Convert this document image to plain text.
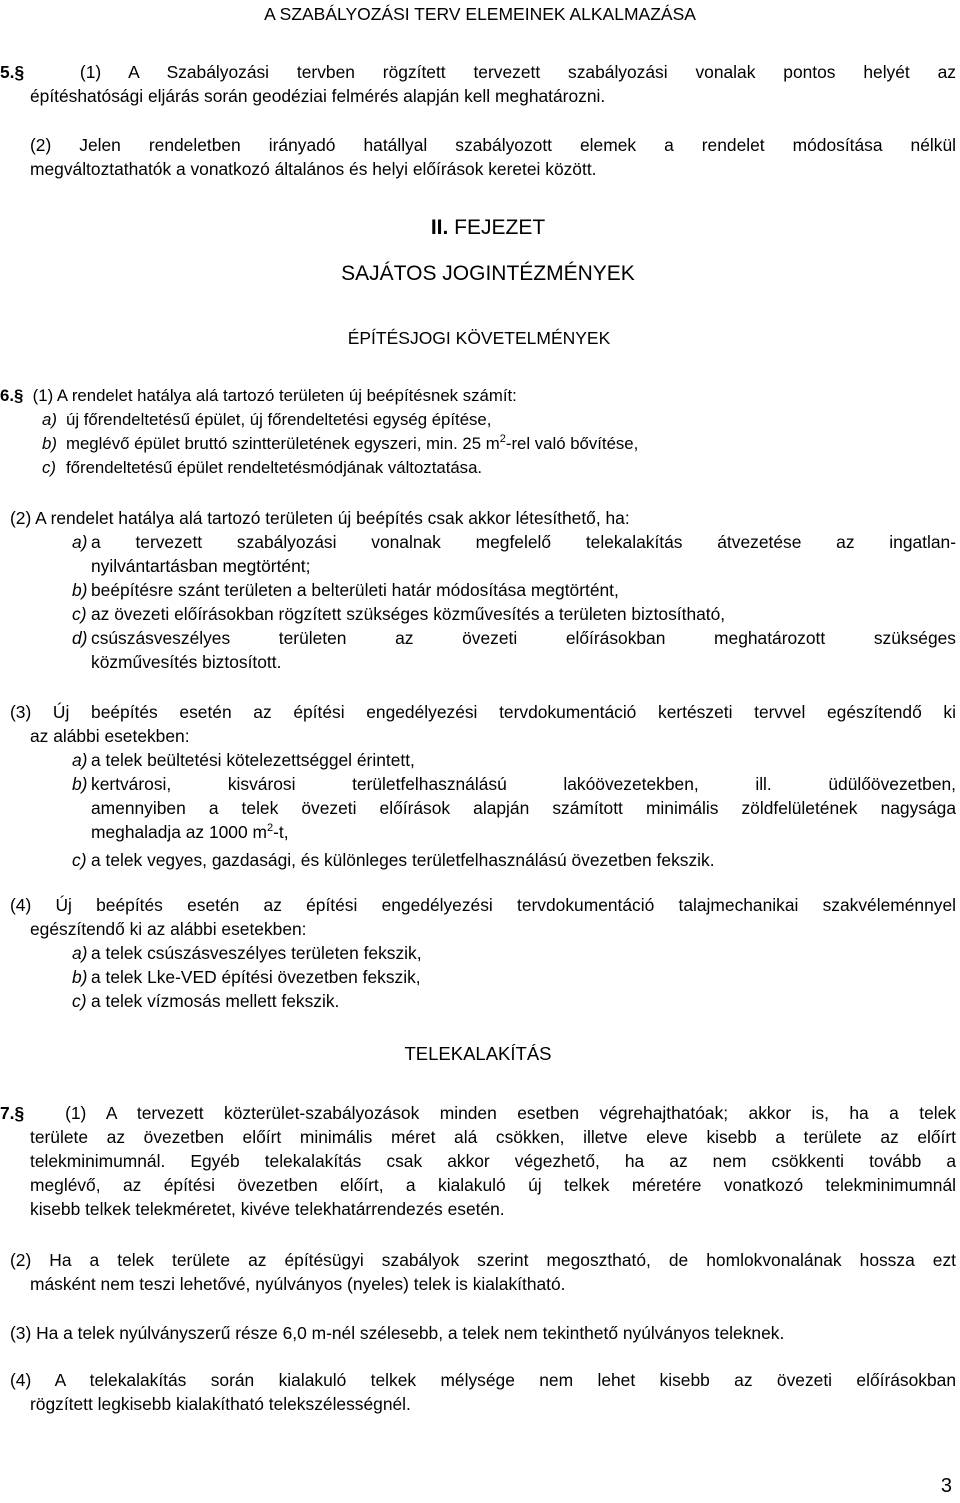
A SZABÁLYOZÁSI TERV ELEMEINEK ALKALMAZÁSA
5.§	(1) A Szabályozási tervben rögzített tervezett szabályozási vonalak pontos helyét az
építéshatósági eljárás során geodéziai felmérés alapján kell meghatározni.
(2) Jelen rendeletben irányadó hatállyal szabályozott elemek a rendelet módosítása nélkül
megváltoztathatók a vonatkozó általános és helyi előírások keretei között.
II. FEJEZET
SAJÁTOS JOGINTÉZMÉNYEK
ÉPÍTÉSJOGI KÖVETELMÉNYEK
6.§ (1) A rendelet hatálya alá tartozó területen új beépítésnek számít:
a) új főrendeltetésű épület, új főrendeltetési egység építése,
b) meglévő épület bruttó szintterületének egyszeri, min. 25 $m^2$-rel való bővítése,
c) főrendeltetésű épület rendeltetésmódjának változtatása.
(2) A rendelet hatálya alá tartozó területen új beépítés csak akkor létesíthető, ha:
a) a tervezett szabályozási vonalnak megfelelő telekalakítás átvezetése az ingatlan-
nyilvántartásban megtörtént;
b) beépítésre szánt területen a belterületi határ módosítása megtörtént,
c) az övezeti előírásokban rögzített szükséges közművesítés a területen biztosítható,
d) csúszásveszélyes területen az övezeti előírásokban meghatározott szükséges
közművesítés biztosított.
(3) Új beépítés esetén az építési engedélyezési tervdokumentáció kertészeti tervvel egészítendő ki
az alábbi esetekben:
a) a telek beültetési kötelezettséggel érintett,
b) kertvárosi, kisvárosi területfelhasználású lakóövezetekben, ill. üdülőövezetben,
amennyiben a telek övezeti előírások alapján számított minimális zöldfelületének nagysága
meghaladja az 1000 $m^2-t$,
c) a telek vegyes, gazdasági, és különleges területfelhasználású övezetben fekszik.
(4) Új beépítés esetén az építési engedélyezési tervdokumentáció talajmechanikai szakvéleménnyel
egészítendő ki az alábbi esetekben:
a) a telek csúszásveszélyes területen fekszik,
b) a telek Lke-VED építési övezetben fekszik,
c) a telek vízmosás mellett fekszik.
TELEKALAKÍTÁS
7.§ (1) A tervezett közterület-szabályozások minden esetben végrehajthatóak; akkor is, ha a telek
területe az övezetben előírt minimális méret alá csökken, illetve eleve kisebb a területe az előírt
telekminimumnál. Egyéb telekalakítás csak akkor végezhető, ha az nem csökkenti tovább a
meglévő, az építési övezetben előírt, a kialakuló új telkek méretére vonatkozó telekminimumnál
kisebb telkek telekméretet, kivéve telekhatárrendezés esetén.
(2) Ha a telek területe az építésügyi szabályok szerint megosztható, de homlokvonalának hossza ezt
másként nem teszi lehetővé, nyúlványos (nyeles) telek is kialakítható.
(3) Ha a telek nyúlványszerű része 6,0 m-nél szélesebb, a telek nem tekinthető nyúlványos teleknek.
(4) A telekalakítás során kialakuló telkek mélysége nem lehet kisebb az övezeti előírásokban
rögzített legkisebb kialakítható telekszélességnél.
3
